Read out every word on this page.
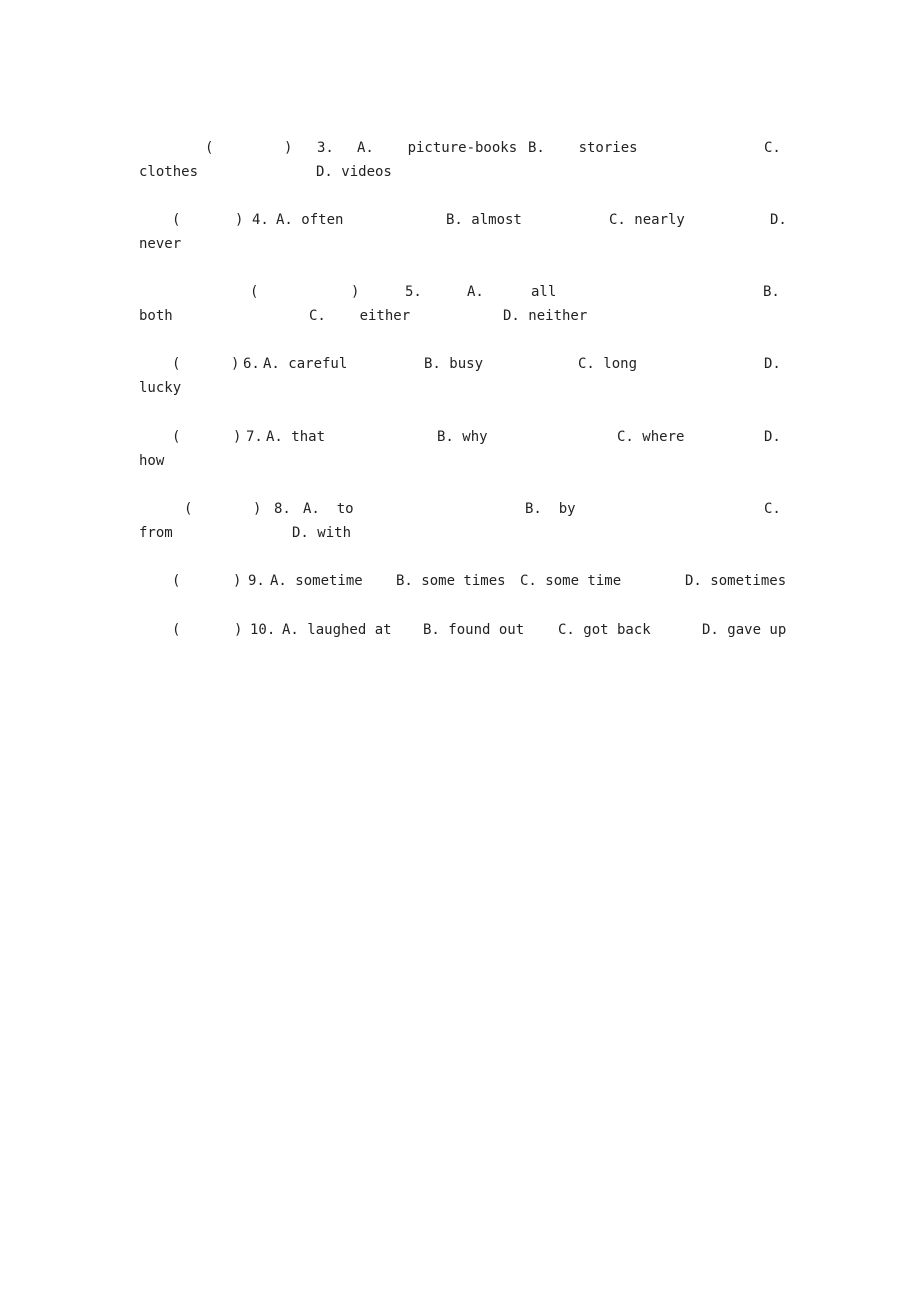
(

	)

3.

A.    picture-books

B.    stories

	C.

clothes

	D. videos

(

	)

4.

A. often

	B. almost

	C. nearly

	D.

never

(

	)

	5.

	A.

	all

	B.

both

	C.    either

	D. neither

(

	)

6.

A. careful

	B. busy

	C. long

	D.

lucky

(

	)

7.

A. that

	B. why

	C. where

	D.

how

(

	)

8.

A.  to

	B.  by

	C.

from

	D. with

(

	)

9.

A. sometime

B. some times

C. some time

	D. sometimes

(

	)

10.

A. laughed at

B. found out

C. got back

	D. gave up
